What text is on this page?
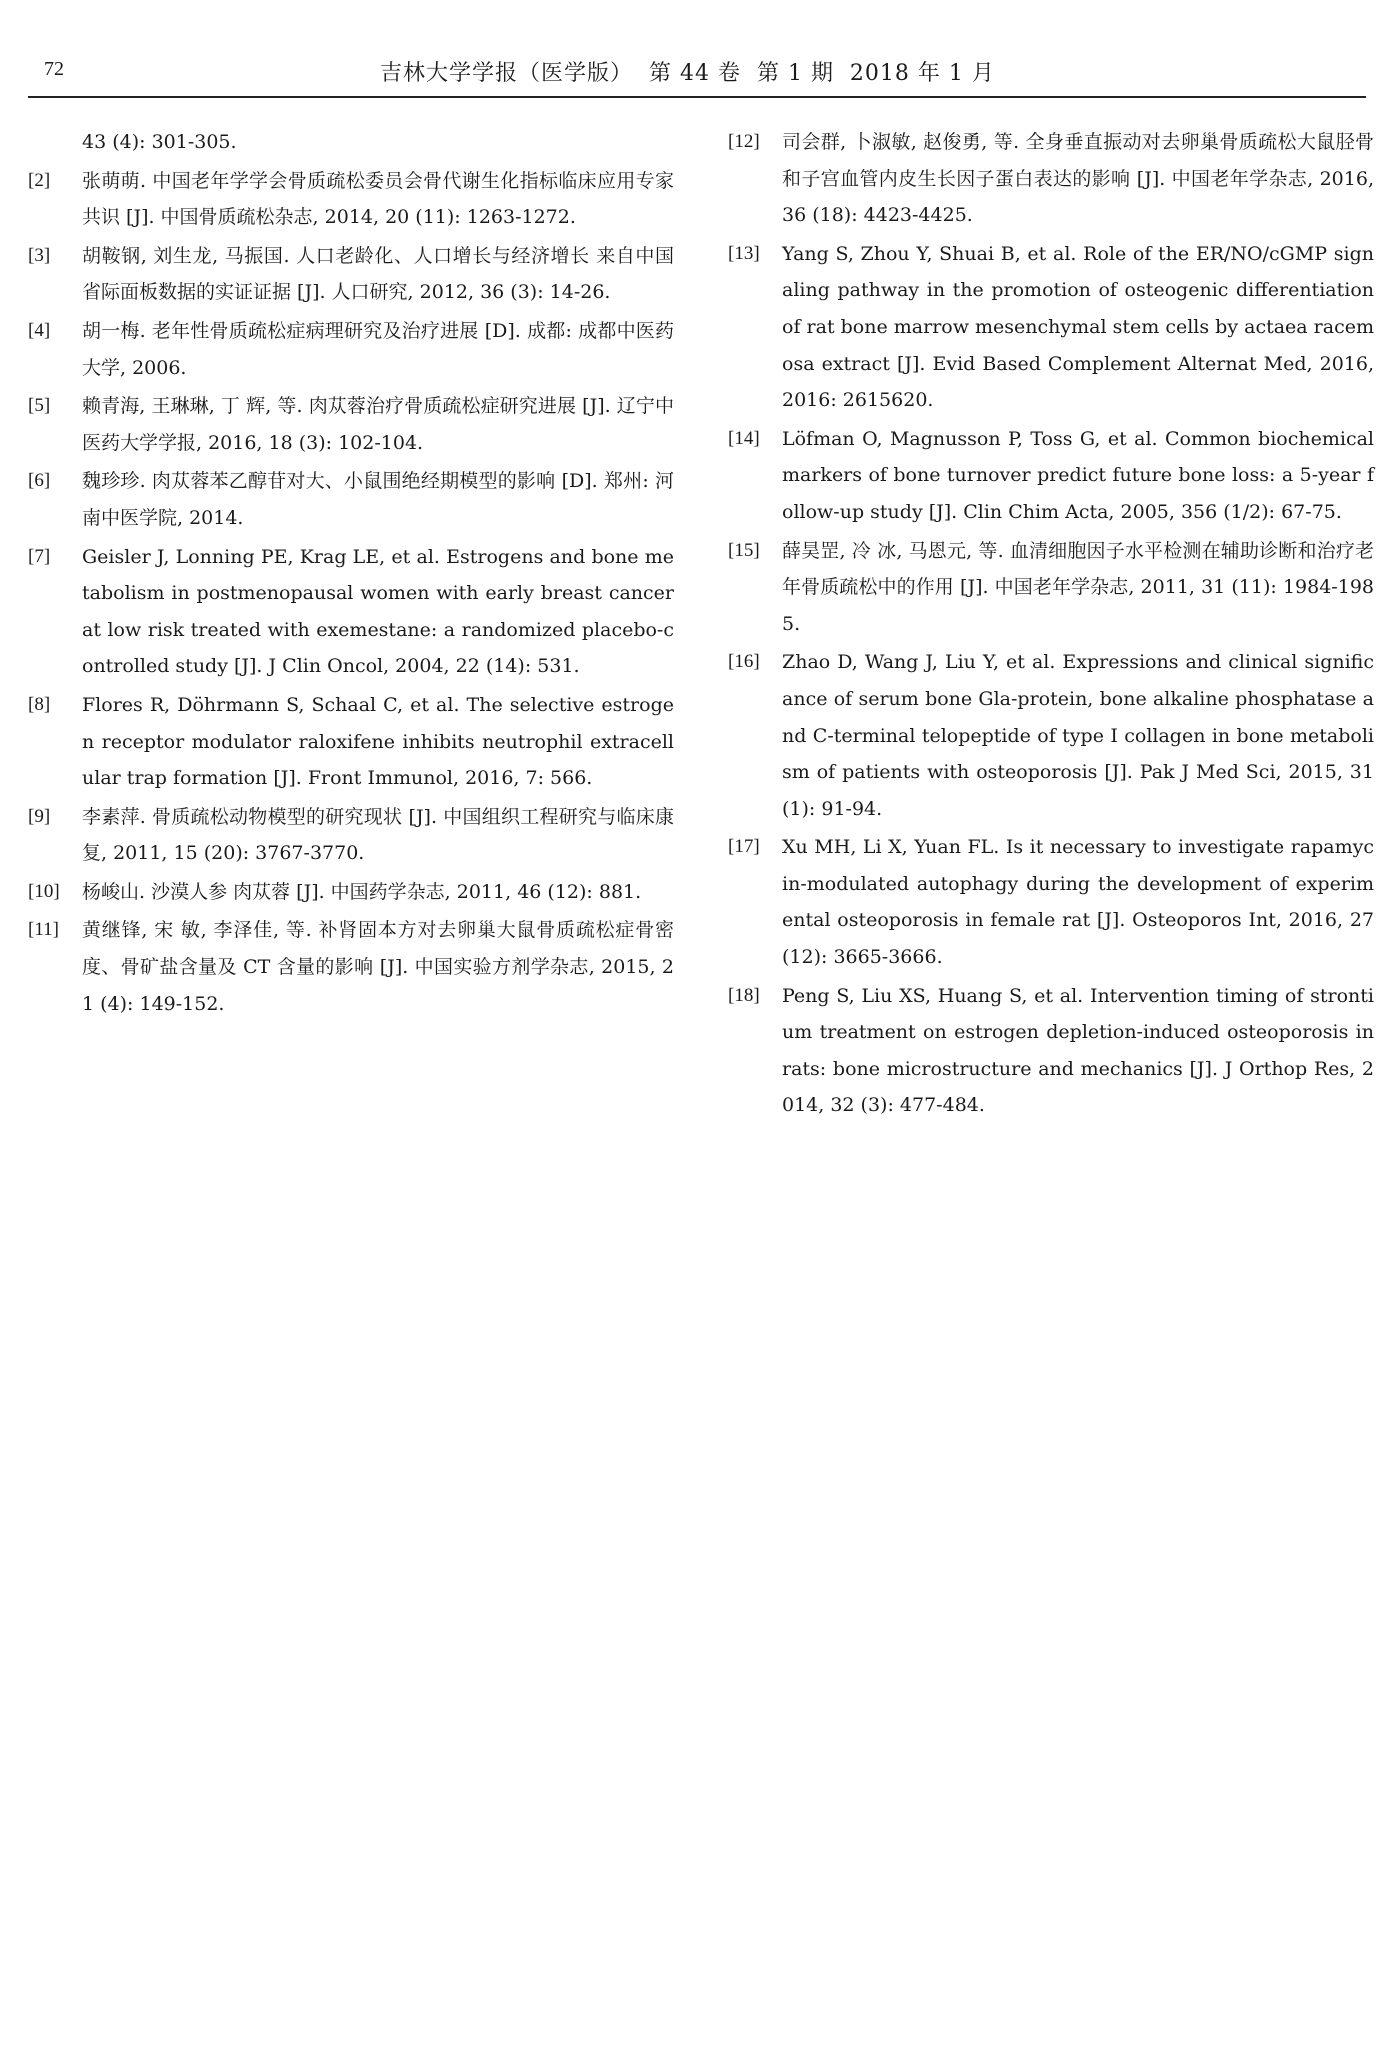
72	吉林大学学报（医学版）  第 44 卷  第 1 期  2018 年 1 月
43 (4): 301-305.
[2] 张萌萌. 中国老年学学会骨质疏松委员会骨代谢生化指标临床应用专家共识 [J]. 中国骨质疏松杂志, 2014, 20 (11): 1263-1272.
[3] 胡鞍钢, 刘生龙, 马振国. 人口老龄化、人口增长与经济增长 来自中国省际面板数据的实证证据 [J]. 人口研究, 2012, 36 (3): 14-26.
[4] 胡一梅. 老年性骨质疏松症病理研究及治疗进展 [D]. 成都: 成都中医药大学, 2006.
[5] 赖青海, 王琳琳, 丁 辉, 等. 肉苁蓉治疗骨质疏松症研究进展 [J]. 辽宁中医药大学学报, 2016, 18 (3): 102-104.
[6] 魏珍珍. 肉苁蓉苯乙醇苷对大、小鼠围绝经期模型的影响 [D]. 郑州: 河南中医学院, 2014.
[7] Geisler J, Lonning PE, Krag LE, et al. Estrogens and bone metabolism in postmenopausal women with early breast cancer at low risk treated with exemestane: a randomized placebo-controlled study [J]. J Clin Oncol, 2004, 22 (14): 531.
[8] Flores R, Döhrmann S, Schaal C, et al. The selective estrogen receptor modulator raloxifene inhibits neutrophil extracellular trap formation [J]. Front Immunol, 2016, 7: 566.
[9] 李素萍. 骨质疏松动物模型的研究现状 [J]. 中国组织工程研究与临床康复, 2011, 15 (20): 3767-3770.
[10] 杨峻山. 沙漠人参 肉苁蓉 [J]. 中国药学杂志, 2011, 46 (12): 881.
[11] 黄继锋, 宋 敏, 李泽佳, 等. 补肾固本方对去卵巢大鼠骨质疏松症骨密度、骨矿盐含量及 CT 含量的影响 [J]. 中国实验方剂学杂志, 2015, 21 (4): 149-152.
[12] 司会群, 卜淑敏, 赵俊勇, 等. 全身垂直振动对去卵巢骨质疏松大鼠胫骨和子宫血管内皮生长因子蛋白表达的影响 [J]. 中国老年学杂志, 2016, 36 (18): 4423-4425.
[13] Yang S, Zhou Y, Shuai B, et al. Role of the ER/NO/cGMP signaling pathway in the promotion of osteogenic differentiation of rat bone marrow mesenchymal stem cells by actaea racemosa extract [J]. Evid Based Complement Alternat Med, 2016, 2016: 2615620.
[14] Löfman O, Magnusson P, Toss G, et al. Common biochemical markers of bone turnover predict future bone loss: a 5-year follow-up study [J]. Clin Chim Acta, 2005, 356 (1/2): 67-75.
[15] 薛昊罡, 冷 冰, 马恩元, 等. 血清细胞因子水平检测在辅助诊断和治疗老年骨质疏松中的作用 [J]. 中国老年学杂志, 2011, 31 (11): 1984-1985.
[16] Zhao D, Wang J, Liu Y, et al. Expressions and clinical significance of serum bone Gla-protein, bone alkaline phosphatase and C-terminal telopeptide of type I collagen in bone metabolism of patients with osteoporosis [J]. Pak J Med Sci, 2015, 31 (1): 91-94.
[17] Xu MH, Li X, Yuan FL. Is it necessary to investigate rapamycin-modulated autophagy during the development of experimental osteoporosis in female rat [J]. Osteoporos Int, 2016, 27 (12): 3665-3666.
[18] Peng S, Liu XS, Huang S, et al. Intervention timing of strontium treatment on estrogen depletion-induced osteoporosis in rats: bone microstructure and mechanics [J]. J Orthop Res, 2014, 32 (3): 477-484.
